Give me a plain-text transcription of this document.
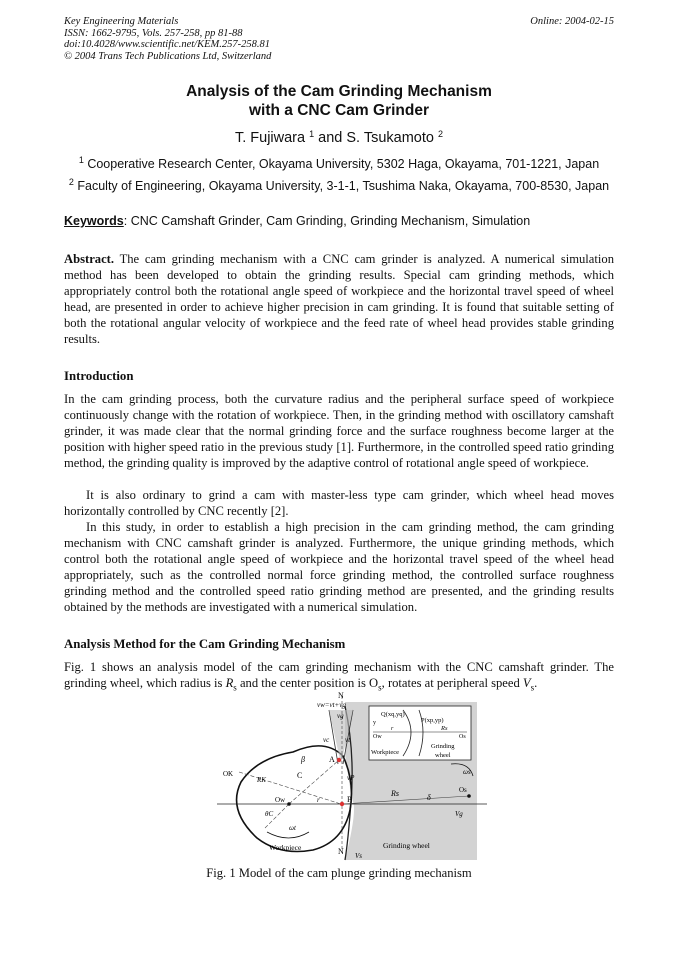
Key Engineering Materials
ISSN: 1662-9795, Vols. 257-258, pp 81-88
doi:10.4028/www.scientific.net/KEM.257-258.81
© 2004 Trans Tech Publications Ltd, Switzerland
Online: 2004-02-15
Analysis of the Cam Grinding Mechanism
with a CNC Cam Grinder
T. Fujiwara $^1$ and S. Tsukamoto $^2$
$^1$ Cooperative Research Center, Okayama University, 5302 Haga, Okayama, 701-1221, Japan
$^2$ Faculty of Engineering, Okayama University, 3-1-1, Tsushima Naka, Okayama, 700-8530, Japan
Keywords: CNC Camshaft Grinder, Cam Grinding, Grinding Mechanism, Simulation
Abstract. The cam grinding mechanism with a CNC cam grinder is analyzed. A numerical simulation method has been developed to obtain the grinding results. Special cam grinding methods, which appropriately control both the rotational angle speed of workpiece and the horizontal travel speed of wheel head, are presented in order to achieve higher precision in cam grinding. It is found that suitable setting of both the rotational angular velocity of workpiece and the feed rate of wheel head provides stable grinding results.
Introduction
In the cam grinding process, both the curvature radius and the peripheral surface speed of workpiece continuously change with the rotation of workpiece. Then, in the grinding method with oscillatory camshaft grinder, it was made clear that the normal grinding force and the surface roughness become larger at the position with higher speed ratio in the previous study [1]. Furthermore, in the controlled speed ratio grinding method, the grinding quality is improved by the adaptive control of rotational angle speed of workpiece.
It is also ordinary to grind a cam with master-less type cam grinder, which wheel head moves horizontally controlled by CNC recently [2].
In this study, in order to establish a high precision in the cam grinding method, the cam grinding mechanism with CNC camshaft grinder is analyzed. Furthermore, the unique grinding methods, which control both the rotational angle speed of workpiece and the horizontal travel speed of the wheel head appropriately, such as the controlled normal force grinding method, the controlled surface roughness grinding method and the controlled speed ratio grinding method are presented, and the grinding results obtained by the methods are investigated with a numerical simulation.
Analysis Method for the Cam Grinding Mechanism
Fig. 1 shows an analysis model of the cam grinding mechanism with the CNC camshaft grinder. The grinding wheel, which radius is $R_s$ and the center position is $O_s$, rotates at peripheral speed $V_s$.
N
vw=vt+vg
vg
vc vt
vP
A
β
C
OK
RK
Ow	r	P
Rs	δ
Os
Vg
ωs
ωt
θC
Workpiece	Grinding wheel
N Vs
Q(xq,yq)
P(xp,yp)
y
Ow
r	Rs
Os
Workpiece
Grinding
wheel
Fig. 1 Model of the cam plunge grinding mechanism
